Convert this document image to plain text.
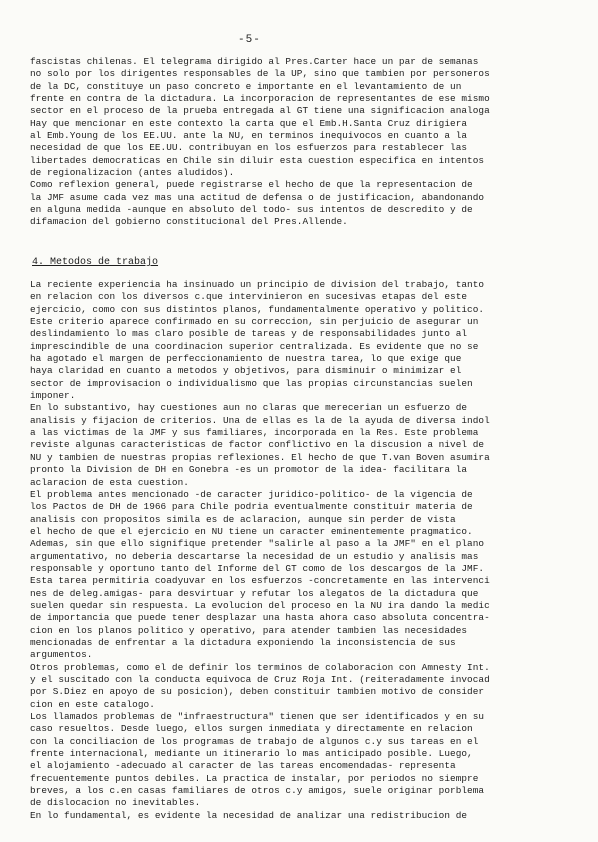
-5-
fascistas chilenas. El telegrama dirigido al Pres.Carter hace un par de semanas
no solo por los dirigentes responsables de la UP, sino que tambien por personeros
de la DC, constituye un paso concreto e importante en el levantamiento de un
frente en contra de la dictadura. La incorporacion de representantes de ese mismo
sector en el proceso de la prueba entregada al GT tiene una significacion analoga
Hay que mencionar en este contexto la carta que el Emb.H.Santa Cruz dirigiera
al Emb.Young de los EE.UU. ante la NU, en terminos inequivocos en cuanto a la
necesidad de que los EE.UU. contribuyan en los esfuerzos para restablecer las
libertades democraticas en Chile sin diluir esta cuestion especifica en intentos
de regionalizacion (antes aludidos).
Como reflexion general, puede registrarse el hecho de que la representacion de
la JMF asume cada vez mas una actitud de defensa o de justificacion, abandonando
en alguna medida -aunque en absoluto del todo- sus intentos de descredito y de
difamacion del gobierno constitucional del Pres.Allende.
4. Metodos de trabajo
La reciente experiencia ha insinuado un principio de division del trabajo, tanto
en relacion con los diversos c.que intervinieron en sucesivas etapas del este
ejercicio, como con sus distintos planos, fundamentalmente operativo y politico.
Este criterio aparece confirmado en su correccion, sin perjuicio de asegurar un
deslindamiento lo mas claro posible de tareas y de responsabilidades junto al
imprescindible de una coordinacion superior centralizada. Es evidente que no se
ha agotado el margen de perfeccionamiento de nuestra tarea, lo que exige que
haya claridad en cuanto a metodos y objetivos, para disminuir o minimizar el
sector de improvisacion o individualismo que las propias circunstancias suelen
imponer.
En lo substantivo, hay cuestiones aun no claras que merecerian un esfuerzo de
analisis y fijacion de criterios. Una de ellas es la de la ayuda de diversa indol
a las victimas de la JMF y sus familiares, incorporada en la Res. Este problema
reviste algunas caracteristicas de factor conflictivo en la discusion a nivel de
NU y tambien de nuestras propias reflexiones. El hecho de que T.van Boven asumira
pronto la Division de DH en Gonebra -es un promotor de la idea- facilitara la
aclaracion de esta cuestion.
El problema antes mencionado -de caracter juridico-politico- de la vigencia de
los Pactos de DH de 1966 para Chile podria eventualmente constituir materia de
analisis con propositos simila es de aclaracion, aunque sin perder de vista
el hecho de que el ejercicio en NU tiene un caracter eminentemente pragmatico.
Ademas, sin que ello signifique pretender "salirle al paso a la JMF" en el plano
argumentativo, no deberia descartarse la necesidad de un estudio y analisis mas
responsable y oportuno tanto del Informe del GT como de los descargos de la JMF.
Esta tarea permitiria coadyuvar en los esfuerzos -concretamente en las intervenci
nes de deleg.amigas- para desvirtuar y refutar los alegatos de la dictadura que
suelen quedar sin respuesta. La evolucion del proceso en la NU ira dando la medic
de importancia que puede tener desplazar una hasta ahora caso absoluta concentra-
cion en los planos politico y operativo, para atender tambien las necesidades
mencionadas de enfrentar a la dictadura exponiendo la inconsistencia de sus
argumentos.
Otros problemas, como el de definir los terminos de colaboracion con Amnesty Int.
y el suscitado con la conducta equivoca de Cruz Roja Int. (reiteradamente invocad
por S.Diez en apoyo de su posicion), deben constituir tambien motivo de consider
cion en este catalogo.
Los llamados problemas de "infraestructura" tienen que ser identificados y en su
caso resueltos. Desde luego, ellos surgen inmediata y directamente en relacion
con la conciliacion de los programas de trabajo de algunos c.y sus tareas en el
frente internacional, mediante un itinerario lo mas anticipado posible. Luego,
el alojamiento -adecuado al caracter de las tareas encomendadas- representa
frecuentemente puntos debiles. La practica de instalar, por periodos no siempre
breves, a los c.en casas familiares de otros c.y amigos, suele originar porblema
de dislocacion no inevitables.
En lo fundamental, es evidente la necesidad de analizar una redistribucion de
